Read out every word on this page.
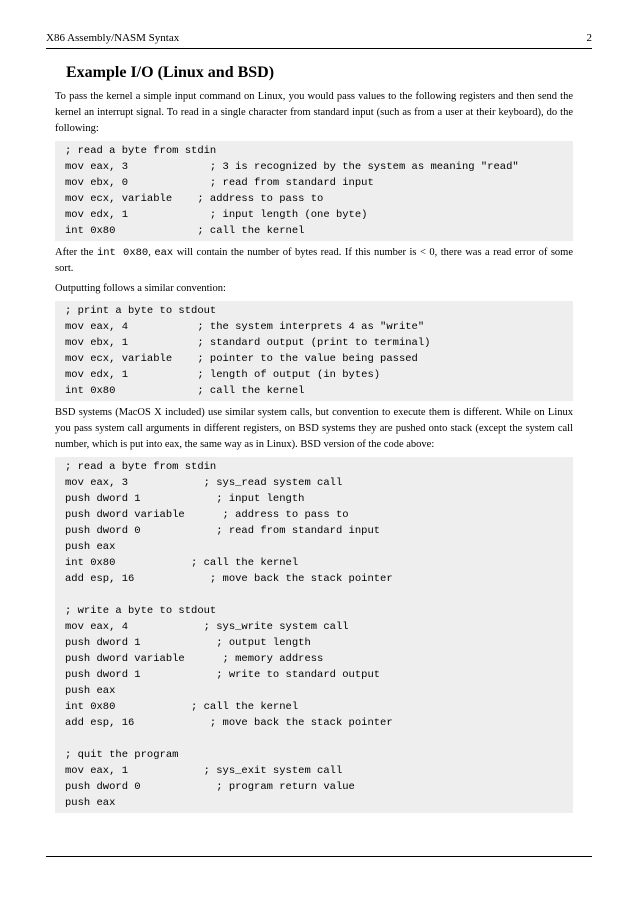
X86 Assembly/NASM Syntax	2
Example I/O (Linux and BSD)

To pass the kernel a simple input command on Linux, you would pass values to the following registers and then send the kernel an interrupt signal. To read in a single character from standard input (such as from a user at their keyboard), do the following:

; read a byte from stdin
mov eax, 3             ; 3 is recognized by the system as meaning "read"
mov ebx, 0             ; read from standard input
mov ecx, variable    ; address to pass to
mov edx, 1             ; input length (one byte)
int 0x80             ; call the kernel

After the int 0x80, eax will contain the number of bytes read. If this number is < 0, there was a read error of some sort.

Outputting follows a similar convention:

; print a byte to stdout
mov eax, 4           ; the system interprets 4 as "write"
mov ebx, 1           ; standard output (print to terminal)
mov ecx, variable    ; pointer to the value being passed
mov edx, 1           ; length of output (in bytes)
int 0x80             ; call the kernel

BSD systems (MacOS X included) use similar system calls, but convention to execute them is different. While on Linux you pass system call arguments in different registers, on BSD systems they are pushed onto stack (except the system call number, which is put into eax, the same way as in Linux). BSD version of the code above:

; read a byte from stdin
mov eax, 3            ; sys_read system call
push dword 1            ; input length
push dword variable      ; address to pass to
push dword 0            ; read from standard input
push eax
int 0x80            ; call the kernel
add esp, 16            ; move back the stack pointer
; write a byte to stdout
mov eax, 4            ; sys_write system call
push dword 1            ; output length
push dword variable      ; memory address
push dword 1            ; write to standard output
push eax
int 0x80            ; call the kernel
add esp, 16            ; move back the stack pointer
; quit the program
mov eax, 1            ; sys_exit system call
push dword 0            ; program return value
push eax
